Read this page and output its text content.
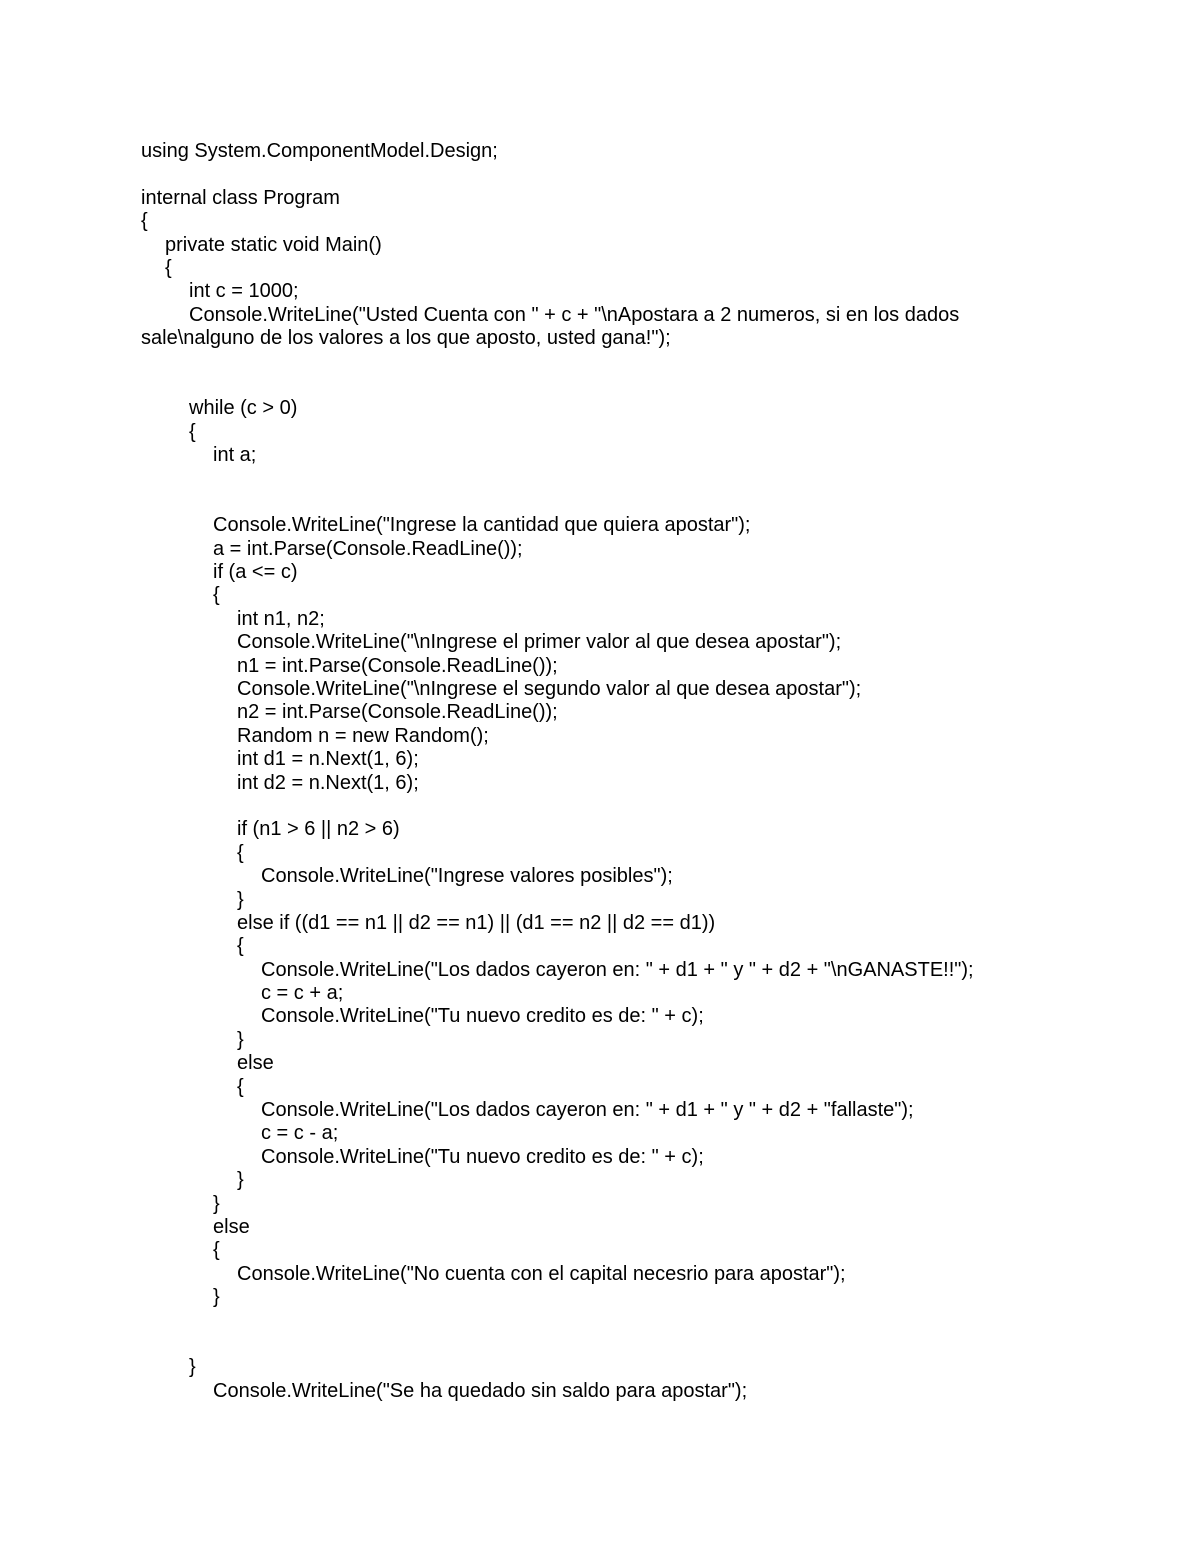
using System.ComponentModel.Design;
internal class Program
{
private static void Main()
{
int c = 1000;
Console.WriteLine("Usted Cuenta con " + c + "\nApostara a 2 numeros, si en los dados sale\nalguno de los valores a los que aposto, usted gana!");
while (c > 0)
{
int a;
Console.WriteLine("Ingrese la cantidad que quiera apostar");
a = int.Parse(Console.ReadLine());
if (a <= c)
{
int n1, n2;
Console.WriteLine("\nIngrese el primer valor al que desea apostar");
n1 = int.Parse(Console.ReadLine());
Console.WriteLine("\nIngrese el segundo valor al que desea apostar");
n2 = int.Parse(Console.ReadLine());
Random n = new Random();
int d1 = n.Next(1, 6);
int d2 = n.Next(1, 6);
if (n1 > 6 || n2 > 6)
{
Console.WriteLine("Ingrese valores posibles");
}
else if ((d1 == n1 || d2 == n1) || (d1 == n2 || d2 == d1))
{
Console.WriteLine("Los dados cayeron en: " + d1 + " y " + d2 + "\nGANASTE!!");
c = c + a;
Console.WriteLine("Tu nuevo credito es de: " + c);
}
else
{
Console.WriteLine("Los dados cayeron en: " + d1 + " y " + d2 + "fallaste");
c = c - a;
Console.WriteLine("Tu nuevo credito es de: " + c);
}
}
else
{
Console.WriteLine("No cuenta con el capital necesrio para apostar");
}
}
Console.WriteLine("Se ha quedado sin saldo para apostar");
